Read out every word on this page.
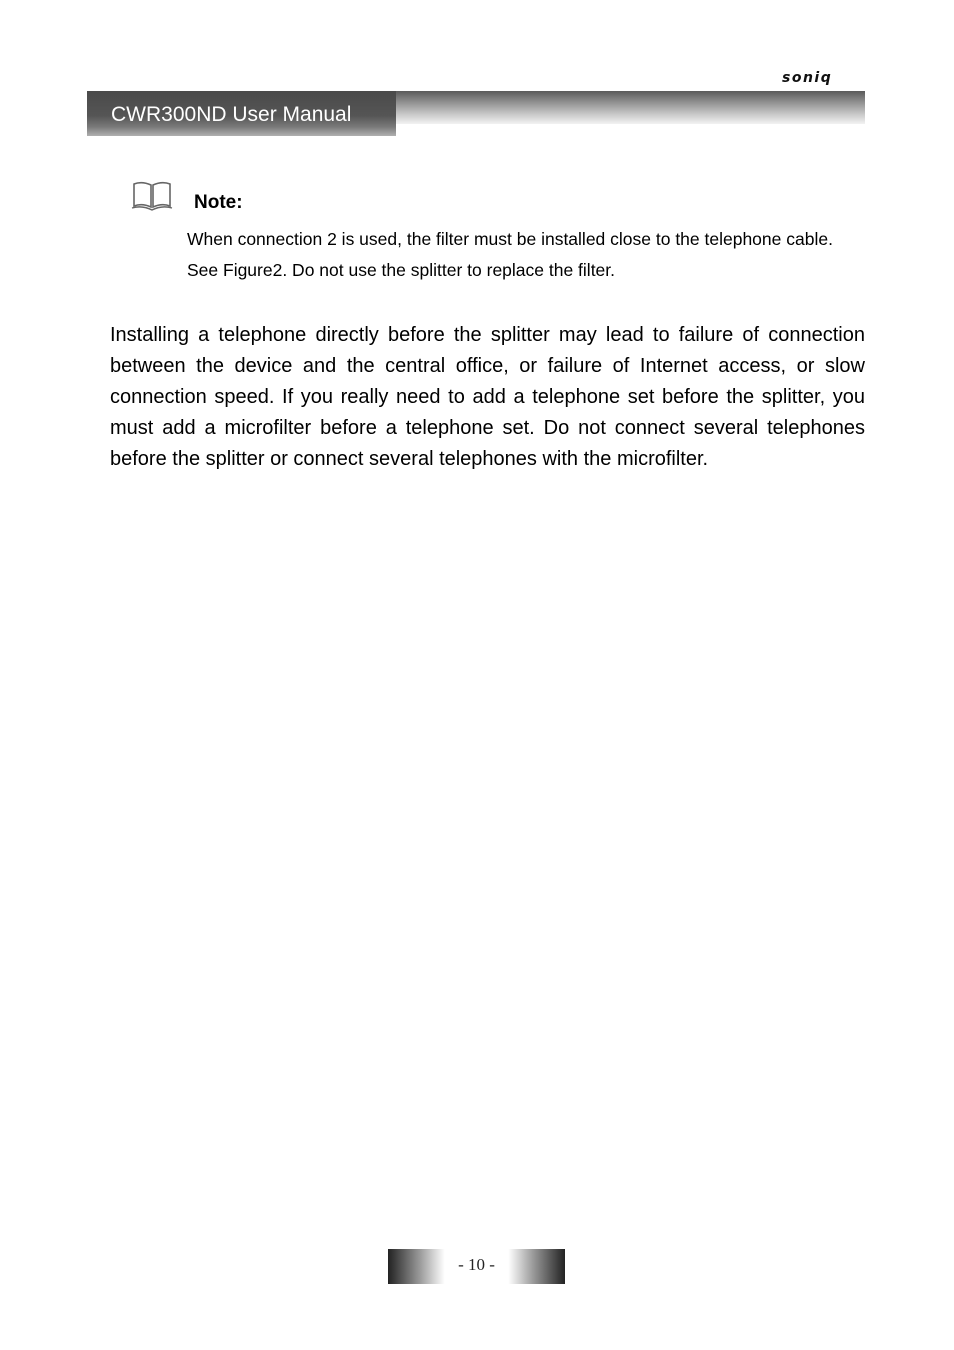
soniq
CWR300ND User Manual
Note:
When connection 2 is used, the filter must be installed close to the telephone cable. See Figure2. Do not use the splitter to replace the filter.
Installing a telephone directly before the splitter may lead to failure of connection between the device and the central office, or failure of Internet access, or slow connection speed. If you really need to add a telephone set before the splitter, you must add a microfilter before a telephone set. Do not connect several telephones before the splitter or connect several telephones with the microfilter.
- 10 -
